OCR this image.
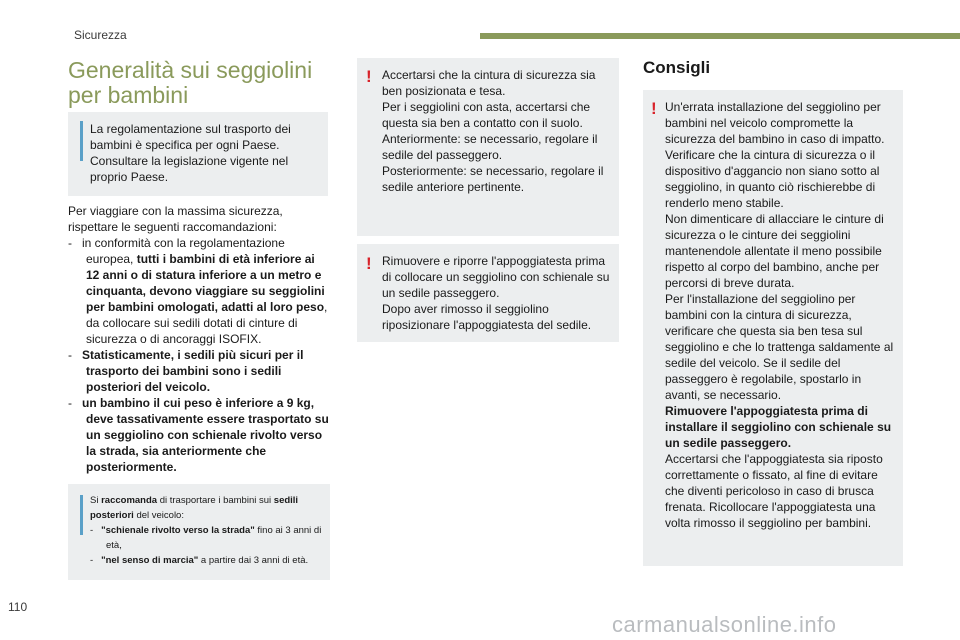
Sicurezza
Generalità sui seggiolini
per bambini
La regolamentazione sul trasporto dei bambini è specifica per ogni Paese. Consultare la legislazione vigente nel proprio Paese.
Per viaggiare con la massima sicurezza,
rispettare le seguenti raccomandazioni:
-   in conformità con la regolamentazione europea, tutti i bambini di età inferiore ai 12 anni o di statura inferiore a un metro e cinquanta, devono viaggiare su seggiolini per bambini omologati, adatti al loro peso, da collocare sui sedili dotati di cinture di sicurezza o di ancoraggi ISOFIX.
-   Statisticamente, i sedili più sicuri per il trasporto dei bambini sono i sedili posteriori del veicolo.
-   un bambino il cui peso è inferiore a 9 kg, deve tassativamente essere trasportato su un seggiolino con schienale rivolto verso la strada, sia anteriormente che posteriormente.
Si raccomanda di trasportare i bambini sui sedili posteriori del veicolo:
-   "schienale rivolto verso la strada" fino ai 3 anni di età,
-   "nel senso di marcia" a partire dai 3 anni di età.
! Accertarsi che la cintura di sicurezza sia ben posizionata e tesa.
Per i seggiolini con asta, accertarsi che questa sia ben a contatto con il suolo.
Anteriormente: se necessario, regolare il sedile del passeggero.
Posteriormente: se necessario, regolare il sedile anteriore pertinente.
! Rimuovere e riporre l'appoggiatesta prima di collocare un seggiolino con schienale su un sedile passeggero.
Dopo aver rimosso il seggiolino riposizionare l'appoggiatesta del sedile.
Consigli
! Un'errata installazione del seggiolino per bambini nel veicolo compromette la sicurezza del bambino in caso di impatto.
Verificare che la cintura di sicurezza o il dispositivo d'aggancio non siano sotto al seggiolino, in quanto ciò rischierebbe di renderlo meno stabile.
Non dimenticare di allacciare le cinture di sicurezza o le cinture dei seggiolini mantenendole allentate il meno possibile rispetto al corpo del bambino, anche per percorsi di breve durata.
Per l'installazione del seggiolino per bambini con la cintura di sicurezza, verificare che questa sia ben tesa sul seggiolino e che lo trattenga saldamente al sedile del veicolo. Se il sedile del passeggero è regolabile, spostarlo in avanti, se necessario.
Rimuovere l'appoggiatesta prima di installare il seggiolino con schienale su un sedile passeggero.
Accertarsi che l'appoggiatesta sia riposto correttamente o fissato, al fine di evitare che diventi pericoloso in caso di brusca frenata. Ricollocare l'appoggiatesta una volta rimosso il seggiolino per bambini.
110
carmanualsonline.info
